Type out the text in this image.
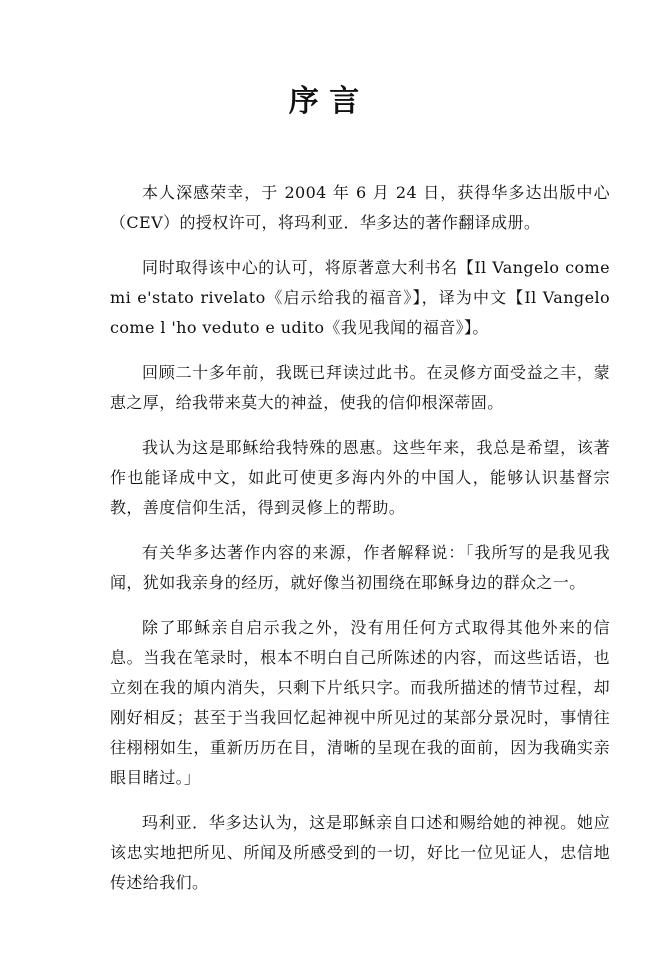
序 言

本人深感荣幸，于 2004 年 6 月 24 日，获得华多达出版中心（CEV）的授权许可，将玛利亚．华多达的著作翻译成册。

同时取得该中心的认可，将原著意大利书名【Il Vangelo come mi e'stato rivelato《启示给我的福音》】，译为中文【Il Vangelo come l 'ho veduto e udito《我见我闻的福音》】。

回顾二十多年前，我既已拜读过此书。在灵修方面受益之丰，蒙恵之厚，给我带来莫大的神益，使我的信仰根深蒂固。

我认为这是耶稣给我特殊的恩惠。这些年来，我总是希望，该著作也能译成中文，如此可使更多海内外的中国人，能够认识基督宗教，善度信仰生活，得到灵修上的帮助。

有关华多达著作内容的来源，作者解释说：「我所写的是我见我闻，犹如我亲身的经历，就好像当初围绕在耶稣身边的群众之一。

除了耶稣亲自启示我之外，没有用任何方式取得其他外来的信息。当我在笔录时，根本不明白自己所陈述的内容，而这些话语，也立刻在我的頄内消失，只剩下片纸只字。而我所描述的情节过程，却刚好相反；甚至于当我回忆起神视中所见过的某部分景况时，事情往往栩栩如生，重新历历在目，清晰的呈现在我的面前，因为我确实亲眼目睹过。」

玛利亚．华多达认为，这是耶稣亲自口述和赐给她的神视。她应该忠实地把所见、所闻及所感受到的一切，好比一位见证人，忠信地传述给我们。
